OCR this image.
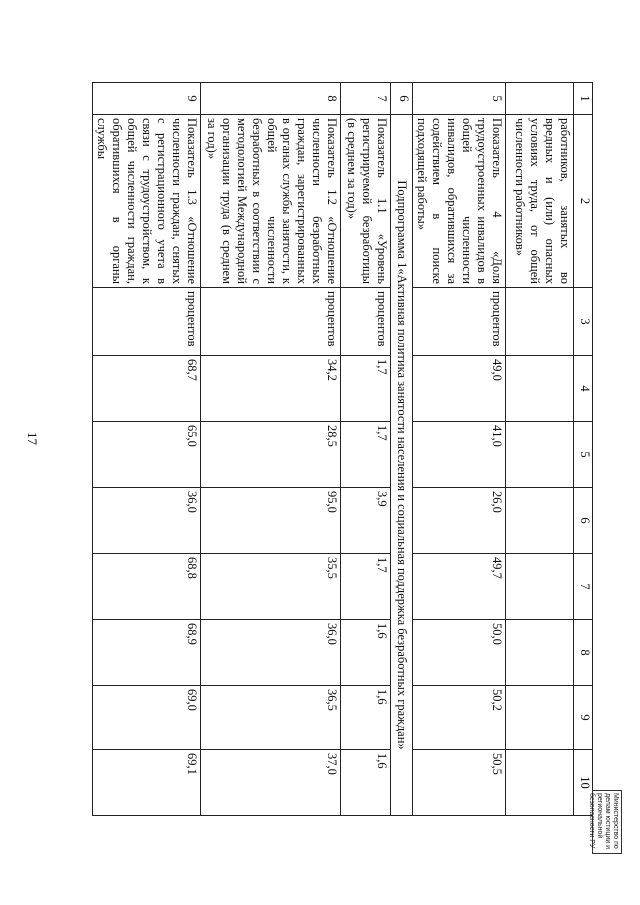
17
1	2	3	4	5	6	7	8	9	10
	работников, занятых во вредных и (или) опасных условиях труда, от общей численности работников»								
5	Показатель 4 «Доля трудоустроенных инвалидов в общей численности инвалидов, обратившихся за содействием в поиске подходящей работы»	процентов	49,0	41,0	26,0	49,7	50,0	50,2	50,5
6	Подпрограмма 1«Активная политика занятости населения и социальная поддержка безработных граждан»								
7	Показатель 1.1 «Уровень регистрируемой безработицы (в среднем за год)»	процентов	1,7	1,7	3,9	1,7	1,6	1,6	1,6
8	Показатель 1.2 «Отношение численности безработных граждан, зарегистрированных в органах службы занятости, к общей численности безработных в соответствии с методологией Международной организации труда (в среднем за год)»	процентов	34,2	28,5	95,0	35,5	36,0	36,5	37,0
9	Показатель 1.3 «Отношение численности граждан, снятых с регистрационного учета в связи с трудоустройством, к общей численности граждан, обратившихся в органы службы	процентов	68,7	65,0	36,0	68,8	68,9	69,0	69,1
Министерство по делам юстиции и региональной безопасности РУ
